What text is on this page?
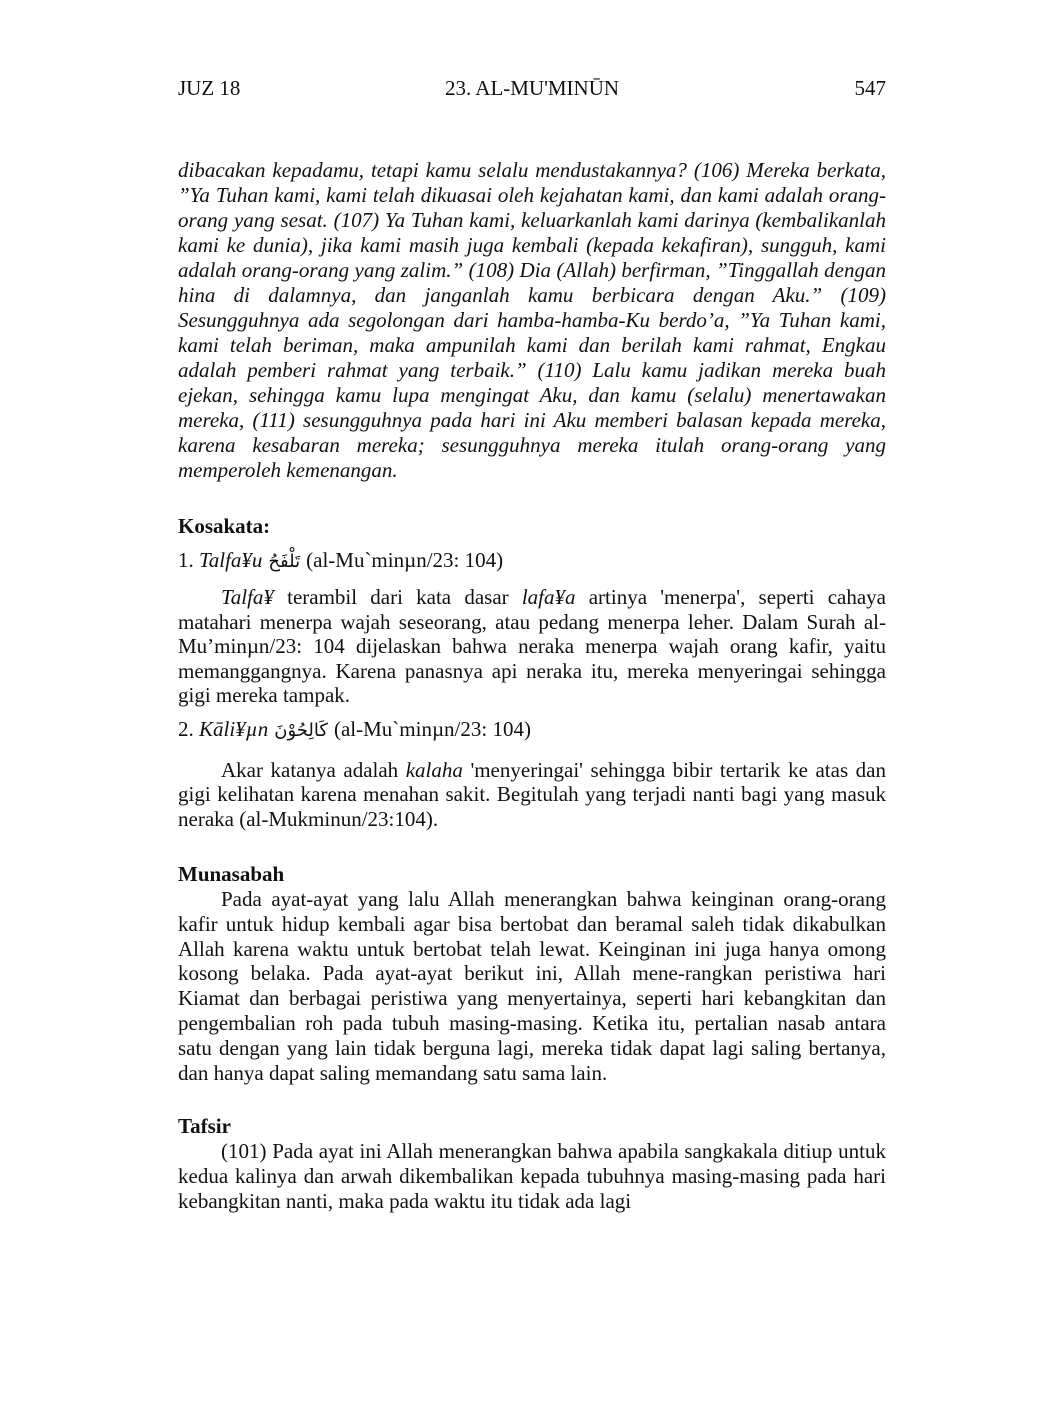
JUZ 18	23. AL-MU'MINŪN	547

dibacakan kepadamu, tetapi kamu selalu mendustakannya? (106) Mereka berkata, ”Ya Tuhan kami, kami telah dikuasai oleh kejahatan kami, dan kami adalah orang-orang yang sesat. (107) Ya Tuhan kami, keluarkanlah kami darinya (kembalikanlah kami ke dunia), jika kami masih juga kembali (kepada kekafiran), sungguh, kami adalah orang-orang yang zalim.” (108) Dia (Allah) berfirman, ”Tinggallah dengan hina di dalamnya, dan janganlah kamu berbicara dengan Aku.” (109) Sesungguhnya ada segolongan dari hamba-hamba-Ku berdo’a, ”Ya Tuhan kami, kami telah beriman, maka ampunilah kami dan berilah kami rahmat, Engkau adalah pemberi rahmat yang terbaik.” (110) Lalu kamu jadikan mereka buah ejekan, sehingga kamu lupa mengingat Aku, dan kamu (selalu) menertawakan mereka, (111) sesungguhnya pada hari ini Aku memberi balasan kepada mereka, karena kesabaran mereka; sesungguhnya mereka itulah orang-orang yang memperoleh kemenangan.

Kosakata:

1. Talfa¥u تَلْفَحُ (al-Mu`minµn/23: 104)

Talfa¥ terambil dari kata dasar lafa¥a artinya 'menerpa', seperti cahaya matahari menerpa wajah seseorang, atau pedang menerpa leher. Dalam Surah al-Mu’minµn/23: 104 dijelaskan bahwa neraka menerpa wajah orang kafir, yaitu memanggangnya. Karena panasnya api neraka itu, mereka menyeringai sehingga gigi mereka tampak.

2. Kāli¥µn كَالِحُوْنَ (al-Mu`minµn/23: 104)

Akar katanya adalah kalaha 'menyeringai' sehingga bibir tertarik ke atas dan gigi kelihatan karena menahan sakit. Begitulah yang terjadi nanti bagi yang masuk neraka (al-Mukminun/23:104).

Munasabah

Pada ayat-ayat yang lalu Allah menerangkan bahwa keinginan orang-orang kafir untuk hidup kembali agar bisa bertobat dan beramal saleh tidak dikabulkan Allah karena waktu untuk bertobat telah lewat. Keinginan ini juga hanya omong kosong belaka. Pada ayat-ayat berikut ini, Allah mene-rangkan peristiwa hari Kiamat dan berbagai peristiwa yang menyertainya, seperti hari kebangkitan dan pengembalian roh pada tubuh masing-masing. Ketika itu, pertalian nasab antara satu dengan yang lain tidak berguna lagi, mereka tidak dapat lagi saling bertanya, dan hanya dapat saling memandang satu sama lain.

Tafsir

(101) Pada ayat ini Allah menerangkan bahwa apabila sangkakala ditiup untuk kedua kalinya dan arwah dikembalikan kepada tubuhnya masing-masing pada hari kebangkitan nanti, maka pada waktu itu tidak ada lagi
